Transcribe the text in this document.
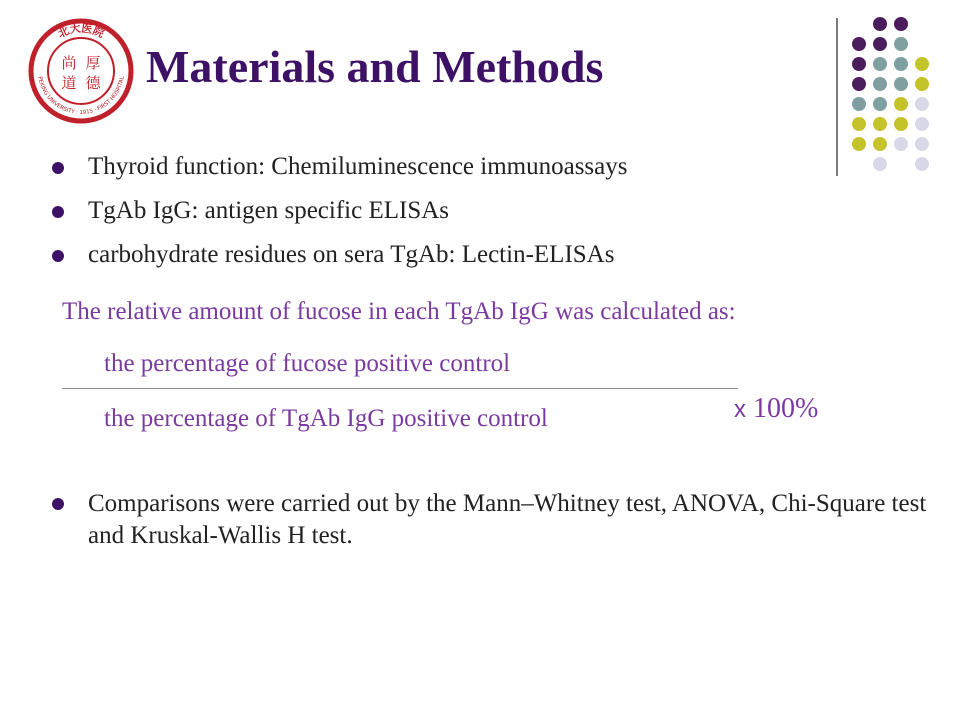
北大医院
PEKING UNIVERSITY · 1915 · FIRST HOSPITAL
尚 厚
道 德 Materials and Methods
Thyroid function: Chemiluminescence immunoassays
TgAb IgG: antigen specific ELISAs
carbohydrate residues on sera TgAb: Lectin-ELISAs

The relative amount of fucose in each TgAb IgG was calculated as:

the percentage of fucose positive control
the percentage of TgAb IgG positive control	x 100%
Comparisons were carried out by the Mann–Whitney test, ANOVA, Chi-Square test and Kruskal-Wallis H test.
